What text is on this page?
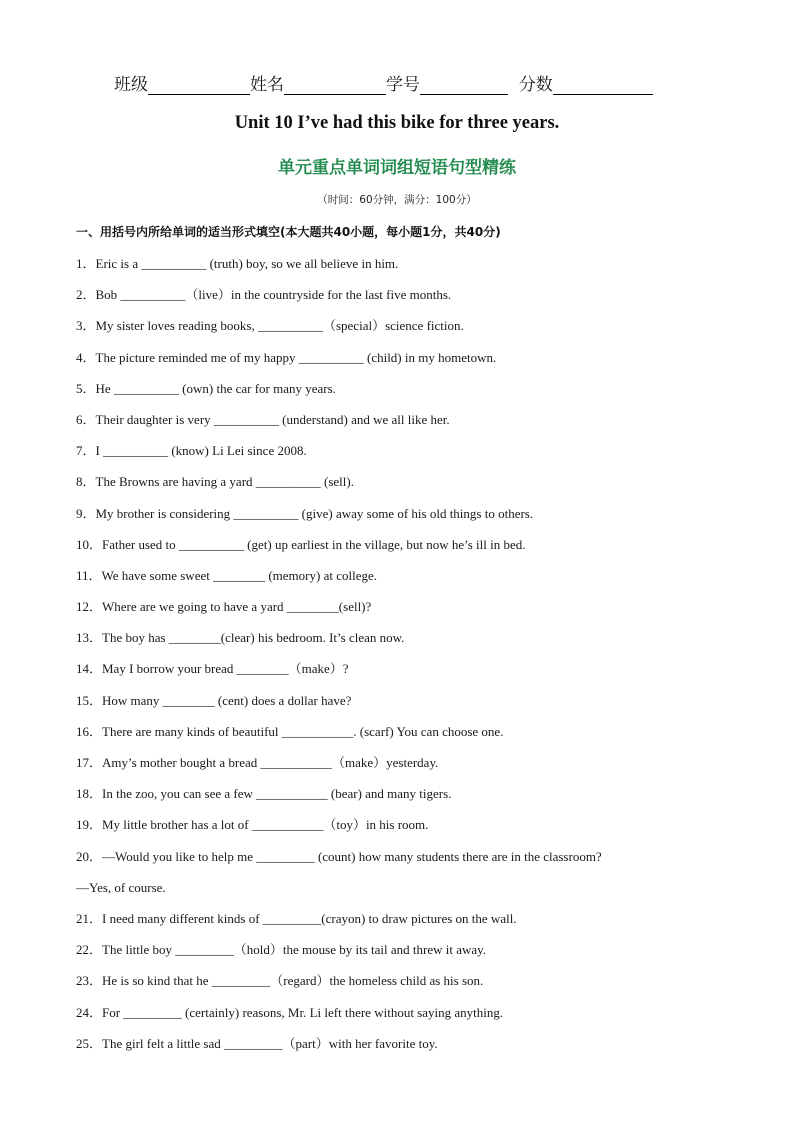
班级	姓名	学号	分数
Unit 10 I’ve had this bike for three years.
单元重点单词词组短语句型精练
（时间：60分钟，满分：100分）
一、用括号内所给单词的适当形式填空(本大题共40小题，每小题1分，共40分)
1．Eric is a __________ (truth) boy, so we all believe in him.
2．Bob __________（live）in the countryside for the last five months.
3．My sister loves reading books, __________（special）science fiction.
4．The picture reminded me of my happy __________ (child) in my hometown.
5．He __________ (own) the car for many years.
6．Their daughter is very __________ (understand) and we all like her.
7．I __________ (know) Li Lei since 2008.
8．The Browns are having a yard __________ (sell).
9．My brother is considering __________ (give) away some of his old things to others.
10．Father used to __________ (get) up earliest in the village, but now he’s ill in bed.
11．We have some sweet ________ (memory) at college.
12．Where are we going to have a yard ________(sell)?
13．The boy has ________(clear) his bedroom. It’s clean now.
14．May I borrow your bread ________（make）?
15．How many ________ (cent) does a dollar have?
16．There are many kinds of beautiful ___________. (scarf) You can choose one.
17．Amy’s mother bought a bread ___________（make）yesterday.
18．In the zoo, you can see a few ___________ (bear) and many tigers.
19．My little brother has a lot of ___________（toy）in his room.
20．—Would you like to help me _________ (count) how many students there are in the classroom?
—Yes, of course.
21．I need many different kinds of _________(crayon) to draw pictures on the wall.
22．The little boy _________（hold）the mouse by its tail and threw it away.
23．He is so kind that he _________（regard）the homeless child as his son.
24．For _________ (certainly) reasons, Mr. Li left there without saying anything.
25．The girl felt a little sad _________（part）with her favorite toy.
